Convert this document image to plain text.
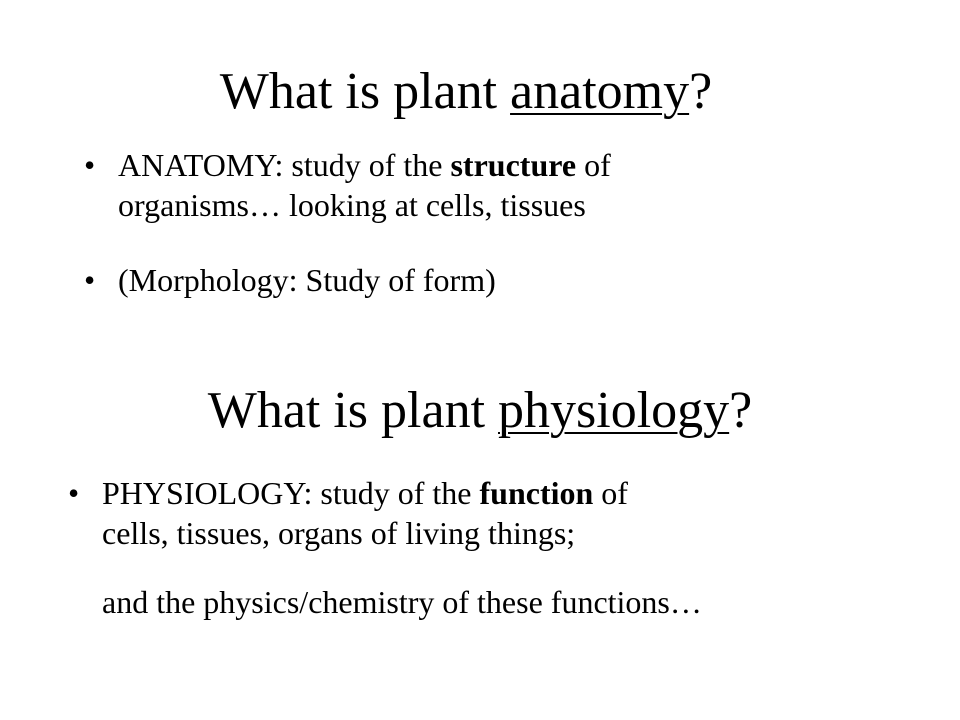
What is plant anatomy?
• ANATOMY: study of the structure of
organisms… looking at cells, tissues
• (Morphology: Study of form)
What is plant physiology?
• PHYSIOLOGY: study of the function of
cells, tissues, organs of living things;
and the physics/chemistry of these functions…
